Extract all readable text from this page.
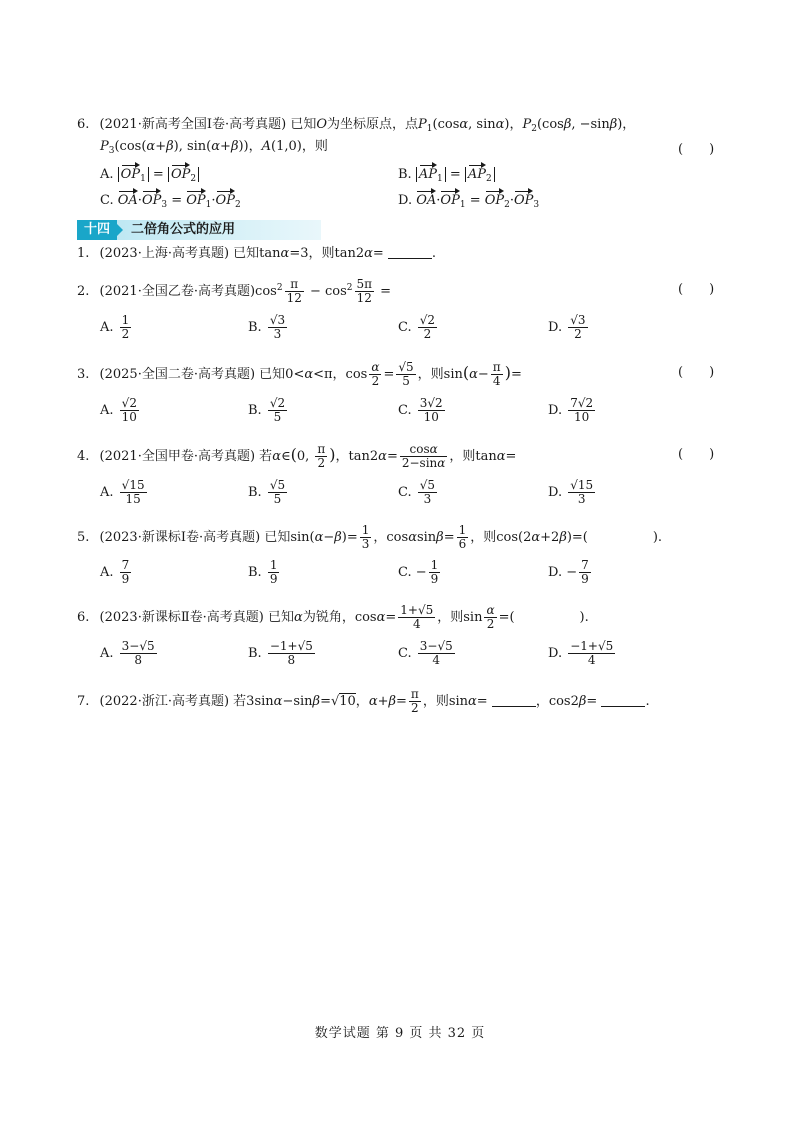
6. (2021·新高考全国Ⅰ卷·高考真题) 已知O为坐标原点，点$P_1(\cos\alpha$, sinα)，$P_2(\cos\beta$, −sinβ)，
$P_3(\cos(\alpha+\beta)$, sin(α+β))，A(1,0)，则	(　　)
A. $OP_1 = OP_2$	B. $AP_1 = AP_2$
C. $OA\cdot OP_3 = OP_1\cdot OP_2$	D. $OA\cdot OP_1 = OP_2\cdot OP_3$
十四	二倍角公式的应用
1. (2023·上海·高考真题) 已知tanα=3，则tan2α=	.
2. (2021·全国乙卷·高考真题)$\cos^2 \frac{\pi}{12} - \cos^2 \frac{5\pi}{12}$ =	(　　)
A. $\frac{1}{2}$	B. $\frac{√3}{3}$	C. $\frac{√2}{2}$	D. $\frac{√3}{2}$
3. (2025·全国二卷·高考真题) 已知0<α<π，$\cos \frac{\alpha}{2} = \frac{√5}{5}$ ，则$\sin(\alpha- \frac{\pi}{4}$ )=	(　　)
A. $\frac{√2}{10}$	B. $\frac{√2}{5}$	C. $\frac{3√2}{10}$	D. $\frac{7√2}{10}$
4. (2021·全国甲卷·高考真题) 若α∈(0, $\frac{\pi}{2}$ )，$\tan 2\alpha= \frac{\cos\alpha}{2-\sin\alpha}$ ，则tanα=	(　　)
A. $\frac{√15}{15}$	B. $\frac{√5}{5}$	C. $\frac{√5}{3}$	D. $\frac{√15}{3}$
5. (2023·新课标Ⅰ卷·高考真题) 已知$\sin(\alpha-\beta)= \frac{1}{3}$ ，$\cos\alpha\sin\beta= \frac{1}{6}$ ，则cos(2α+2β)=(　　　　　).
A. $\frac{7}{9}$	B. $\frac{1}{9}$	C. − $\frac{1}{9}$	D. − $\frac{7}{9}$
6. (2023·新课标Ⅱ卷·高考真题) 已知α为锐角，$\cos\alpha= \frac{1+√5}{4}$ ，则$\sin \frac{\alpha}{2}$ =(　　　　　).
A. $\frac{3-√5}{8}$	B. $\frac{-1+√5}{8}$	C. $\frac{3-√5}{4}$	D. $\frac{-1+√5}{4}$
7. (2022·浙江·高考真题) 若3sinα−sinβ=√10，$\alpha+\beta= \frac{\pi}{2}$ ，则sinα=	，cos2β=	.
数学试题 第 9 页 共 32 页
